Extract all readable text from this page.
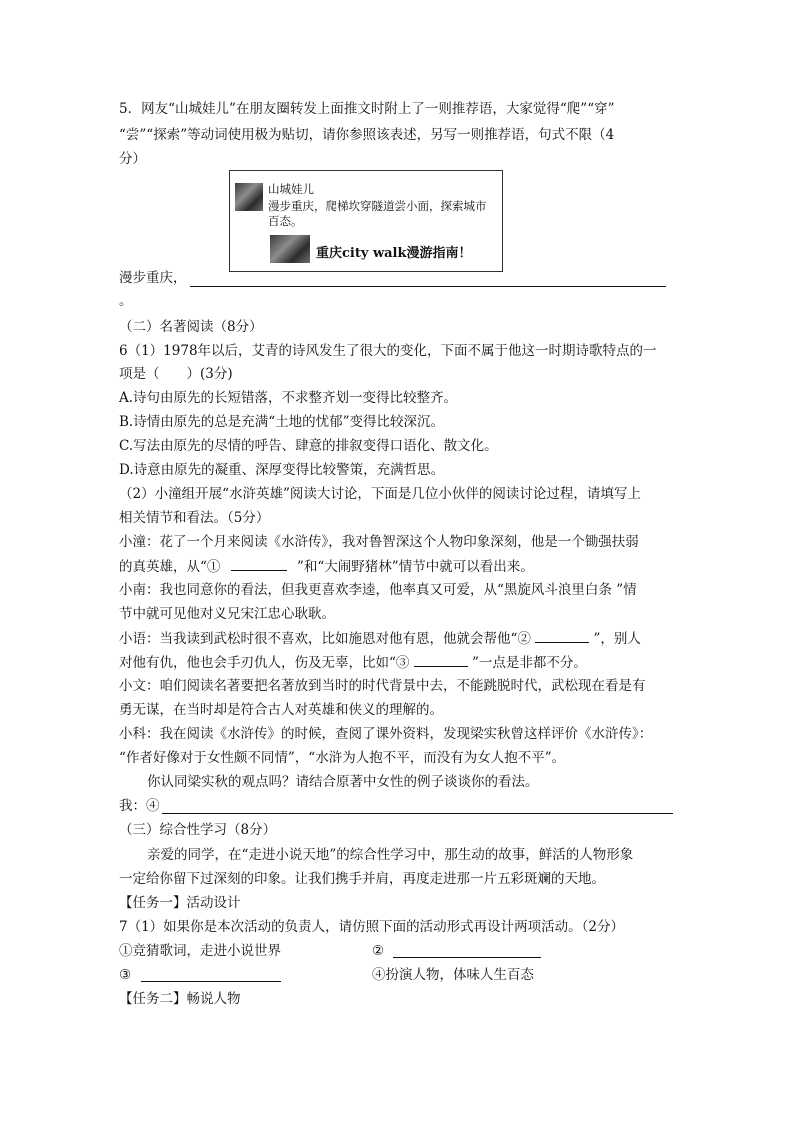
5．网友“山城娃儿”在朋友圈转发上面推文时附上了一则推荐语，大家觉得“爬”“穿”
“尝”“探索”等动词使用极为贴切，请你参照该表述，另写一则推荐语，句式不限（4
分）
山城娃儿
漫步重庆，爬梯坎穿隧道尝小面，探索城市百态。
重庆city walk漫游指南！
漫步重庆，
。
（二）名著阅读（8分）
6（1）1978年以后，艾青的诗风发生了很大的变化，下面不属于他这一时期诗歌特点的一
项是（　　）(3分)
A.诗句由原先的长短错落，不求整齐划一变得比较整齐。
B.诗情由原先的总是充满“土地的忧郁”变得比较深沉。
C.写法由原先的尽情的呼告、肆意的排叙变得口语化、散文化。
D.诗意由原先的凝重、深厚变得比较警策，充满哲思。
（2）小潼组开展“水浒英雄”阅读大讨论，下面是几位小伙伴的阅读讨论过程，请填写上
相关情节和看法。（5分）
小潼：花了一个月来阅读《水浒传》，我对鲁智深这个人物印象深刻，他是一个锄强扶弱
的真英雄，从“①	”和“大闹野猪林”情节中就可以看出来。
小南：我也同意你的看法，但我更喜欢李逵，他率真又可爱，从“黑旋风斗浪里白条 ”情
节中就可见他对义兄宋江忠心耿耿。
小语：当我读到武松时很不喜欢，比如施恩对他有恩，他就会帮他“②	”，别人
对他有仇，他也会手刃仇人，伤及无辜，比如“③	”一点是非都不分。
小文：咱们阅读名著要把名著放到当时的时代背景中去，不能跳脱时代，武松现在看是有
勇无谋，在当时却是符合古人对英雄和侠义的理解的。
小科：我在阅读《水浒传》的时候，查阅了课外资料，发现梁实秋曾这样评价《水浒传》：
“作者好像对于女性颇不同情”，“水浒为人抱不平，而没有为女人抱不平”。
你认同梁实秋的观点吗？请结合原著中女性的例子谈谈你的看法。
我：④
（三）综合性学习（8分）
亲爱的同学，在“走进小说天地”的综合性学习中，那生动的故事，鲜活的人物形象
一定给你留下过深刻的印象。让我们携手并肩，再度走进那一片五彩斑斓的天地。
【任务一】活动设计
7（1）如果你是本次活动的负责人，请仿照下面的活动形式再设计两项活动。（2分）
①竞猜歌词，走进小说世界	②
③	④扮演人物，体味人生百态
【任务二】畅说人物
